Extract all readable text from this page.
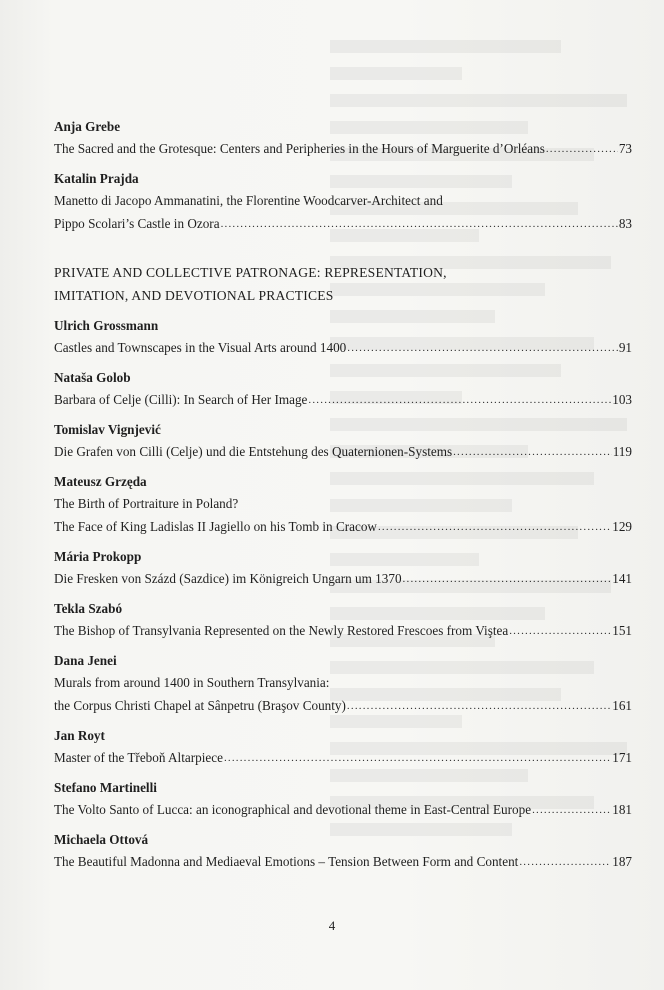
Anja Grebe
The Sacred and the Grotesque: Centers and Peripheries in the Hours of Marguerite d’Orléans .....	73
Katalin Prajda
Manetto di Jacopo Ammanatini, the Florentine Woodcarver-Architect and
Pippo Scolari’s Castle in Ozora .....	83
PRIVATE AND COLLECTIVE PATRONAGE: REPRESENTATION,
IMITATION, AND DEVOTIONAL PRACTICES
Ulrich Grossmann
Castles and Townscapes in the Visual Arts around 1400 .....	91
Nataša Golob
Barbara of Celje (Cilli): In Search of Her Image .....	103
Tomislav Vignjević
Die Grafen von Cilli (Celje) und die Entstehung des Quaternionen-Systems .....	119
Mateusz Grzęda
The Birth of Portraiture in Poland?
The Face of King Ladislas II Jagiello on his Tomb in Cracow .....	129
Mária Prokopp
Die Fresken von Százd (Sazdice) im Königreich Ungarn um 1370 .....	141
Tekla Szabó
The Bishop of Transylvania Represented on the Newly Restored Frescoes from Viştea .....	151
Dana Jenei
Murals from around 1400 in Southern Transylvania:
the Corpus Christi Chapel at Sânpetru (Braşov County) .....	161
Jan Royt
Master of the Třeboň Altarpiece .....	171
Stefano Martinelli
The Volto Santo of Lucca: an iconographical and devotional theme in East-Central Europe .....	181
Michaela Ottová
The Beautiful Madonna and Mediaeval Emotions – Tension Between Form and Content .....	187
4
